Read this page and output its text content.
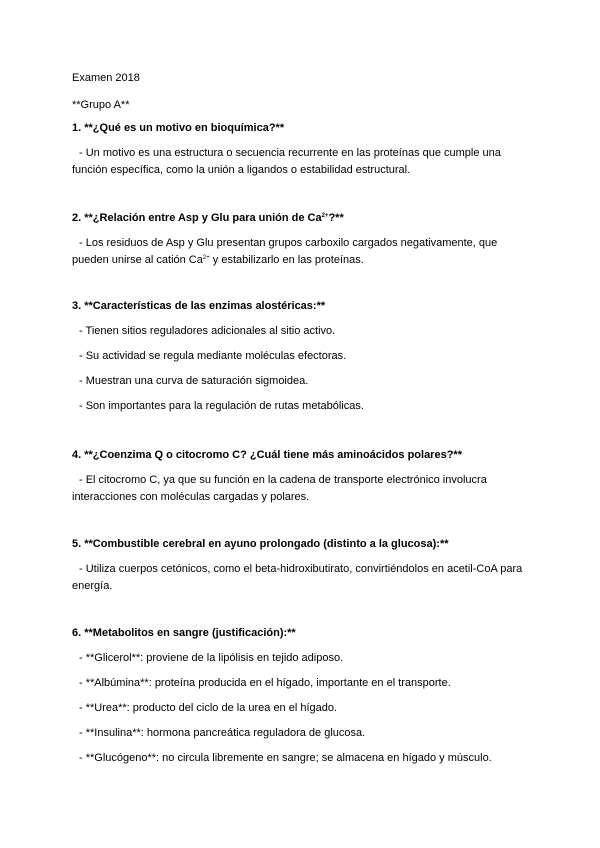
Examen 2018
**Grupo A**
1. **¿Qué es un motivo en bioquímica?**
- Un motivo es una estructura o secuencia recurrente en las proteínas que cumple una función específica, como la unión a ligandos o estabilidad estructural.
2. **¿Relación entre Asp y Glu para unión de $Ca^{2+}?**$
- Los residuos de Asp y Glu presentan grupos carboxilo cargados negativamente, que pueden unirse al catión $Ca^{2+}$ y estabilizarlo en las proteínas.
3. **Características de las enzimas alostéricas:**
- Tienen sitios reguladores adicionales al sitio activo.
- Su actividad se regula mediante moléculas efectoras.
- Muestran una curva de saturación sigmoidea.
- Son importantes para la regulación de rutas metabólicas.
4. **¿Coenzima Q o citocromo C? ¿Cuál tiene más aminoácidos polares?**
- El citocromo C, ya que su función en la cadena de transporte electrónico involucra interacciones con moléculas cargadas y polares.
5. **Combustible cerebral en ayuno prolongado (distinto a la glucosa):**
- Utiliza cuerpos cetónicos, como el beta-hidroxibutirato, convirtiéndolos en acetil-CoA para energía.
6. **Metabolitos en sangre (justificación):**
- **Glicerol**: proviene de la lipólisis en tejido adiposo.
- **Albúmina**: proteína producida en el hígado, importante en el transporte.
- **Urea**: producto del ciclo de la urea en el hígado.
- **Insulina**: hormona pancreática reguladora de glucosa.
- **Glucógeno**: no circula libremente en sangre; se almacena en hígado y músculo.
